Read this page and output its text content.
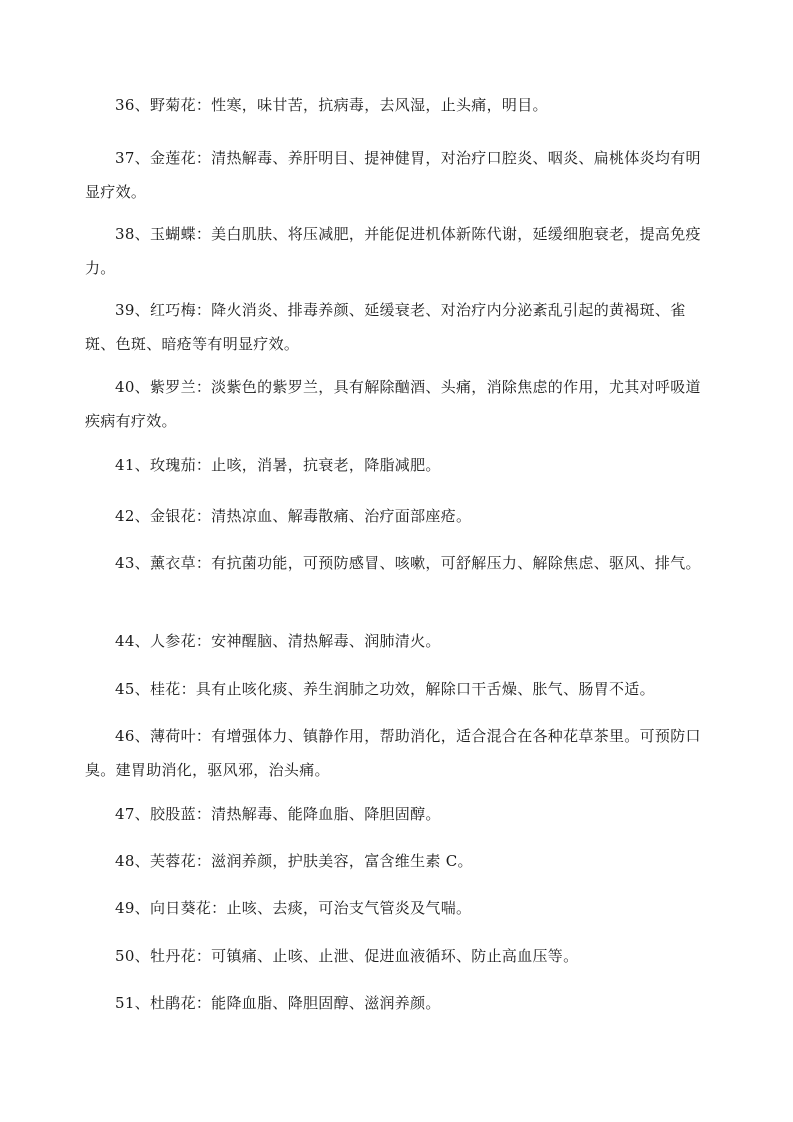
36、野菊花：性寒，味甘苦，抗病毒，去风湿，止头痛，明目。

37、金莲花：清热解毒、养肝明目、提神健胃，对治疗口腔炎、咽炎、扁桃体炎均有明显疗效。

38、玉蝴蝶：美白肌肤、将压减肥，并能促进机体新陈代谢，延缓细胞衰老，提高免疫力。

39、红巧梅：降火消炎、排毒养颜、延缓衰老、对治疗内分泌紊乱引起的黄褐斑、雀斑、色斑、暗疮等有明显疗效。

40、紫罗兰：淡紫色的紫罗兰，具有解除酗酒、头痛，消除焦虑的作用，尤其对呼吸道疾病有疗效。

41、玫瑰茄：止咳，消暑，抗衰老，降脂减肥。

42、金银花：清热凉血、解毒散痛、治疗面部座疮。

43、薰衣草：有抗菌功能，可预防感冒、咳嗽，可舒解压力、解除焦虑、驱风、排气。

44、人参花：安神醒脑、清热解毒、润肺清火。

45、桂花：具有止咳化痰、养生润肺之功效，解除口干舌燥、胀气、肠胃不适。

46、薄荷叶：有增强体力、镇静作用，帮助消化，适合混合在各种花草茶里。可预防口臭。建胃助消化，驱风邪，治头痛。

47、胶股蓝：清热解毒、能降血脂、降胆固醇。

48、芙蓉花：滋润养颜，护肤美容，富含维生素 C。

49、向日葵花：止咳、去痰，可治支气管炎及气喘。

50、牡丹花：可镇痛、止咳、止泄、促进血液循环、防止高血压等。

51、杜鹃花：能降血脂、降胆固醇、滋润养颜。
